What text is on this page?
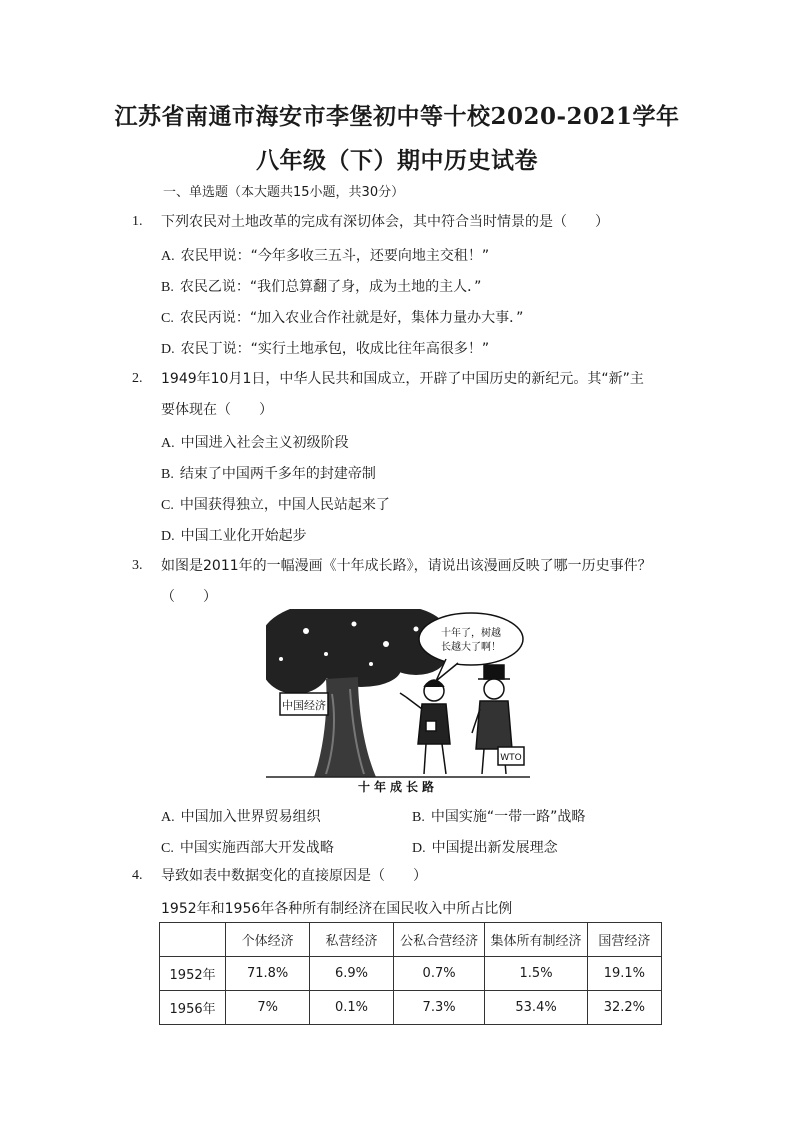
江苏省南通市海安市李堡初中等十校2020-2021学年
八年级（下）期中历史试卷
一、单选题（本大题共15小题，共30分）
1. 下列农民对土地改革的完成有深切体会，其中符合当时情景的是（　　）
A. 农民甲说：“今年多收三五斗，还要向地主交租！”
B. 农民乙说：“我们总算翻了身，成为土地的主人．”
C. 农民丙说：“加入农业合作社就是好，集体力量办大事．”
D. 农民丁说：“实行土地承包，收成比往年高很多！”
2. 1949年10月1日，中华人民共和国成立，开辟了中国历史的新纪元。其“新”主
要体现在（　　）
A. 中国进入社会主义初级阶段
B. 结束了中国两千多年的封建帝制
C. 中国获得独立，中国人民站起来了
D. 中国工业化开始起步
3. 如图是2011年的一幅漫画《十年成长路》，请说出该漫画反映了哪一历史事件？
（　　）
中国经济
十年了，树越
长越大了啊！
WTO
十年成长路
A. 中国加入世界贸易组织	B. 中国实施“一带一路”战略
C. 中国实施西部大开发战略	D. 中国提出新发展理念
4. 导致如表中数据变化的直接原因是（　　）
1952年和1956年各种所有制经济在国民收入中所占比例
	个体经济	私营经济	公私合营经济	集体所有制经济	国营经济
1952年	71.8%	6.9%	0.7%	1.5%	19.1%
1956年	7%	0.1%	7.3%	53.4%	32.2%
